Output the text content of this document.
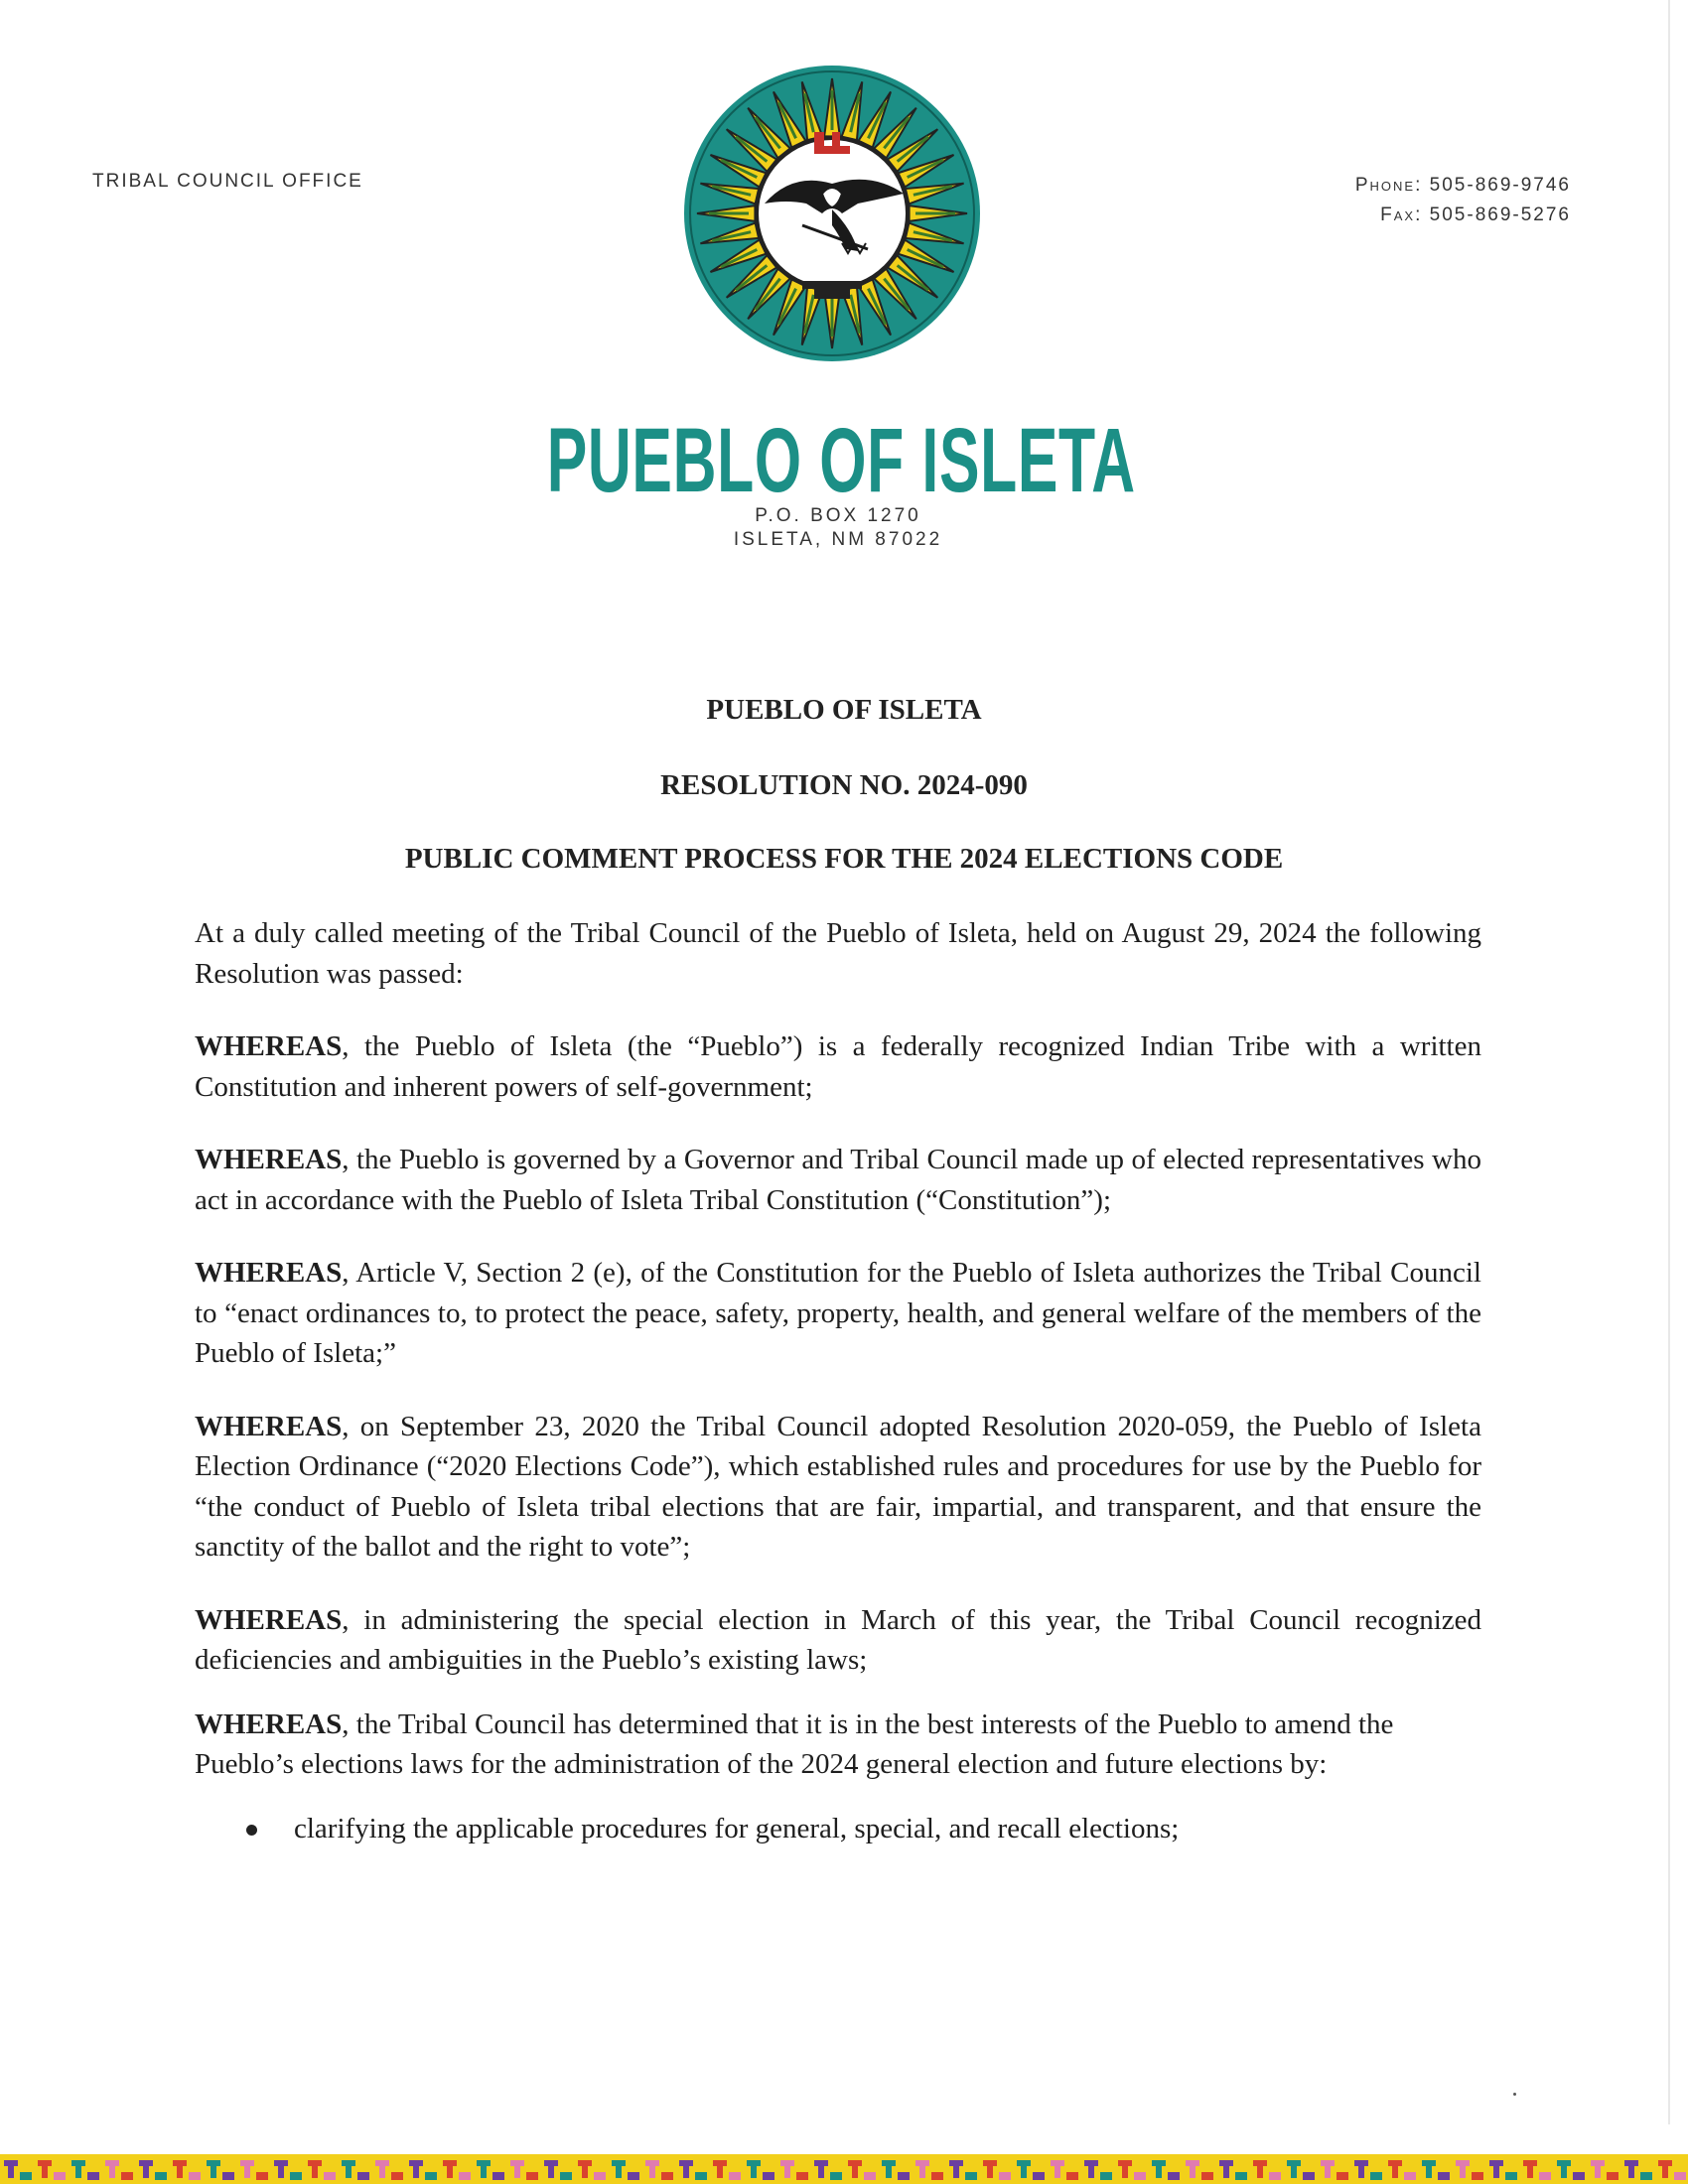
TRIBAL COUNCIL OFFICE	Phone: 505-869-9746
Fax: 505-869-5276
PUEBLO OF ISLETA
P.O. BOX 1270
ISLETA, NM 87022
PUEBLO OF ISLETA
RESOLUTION NO. 2024-090
PUBLIC COMMENT PROCESS FOR THE 2024 ELECTIONS CODE

At a duly called meeting of the Tribal Council of the Pueblo of Isleta, held on August 29, 2024 the following Resolution was passed:

WHEREAS, the Pueblo of Isleta (the “Pueblo”) is a federally recognized Indian Tribe with a written Constitution and inherent powers of self-government;

WHEREAS, the Pueblo is governed by a Governor and Tribal Council made up of elected representatives who act in accordance with the Pueblo of Isleta Tribal Constitution (“Constitution”);

WHEREAS, Article V, Section 2 (e), of the Constitution for the Pueblo of Isleta authorizes the Tribal Council to “enact ordinances to, to protect the peace, safety, property, health, and general welfare of the members of the Pueblo of Isleta;”

WHEREAS, on September 23, 2020 the Tribal Council adopted Resolution 2020-059, the Pueblo of Isleta Election Ordinance (“2020 Elections Code”), which established rules and procedures for use by the Pueblo for “the conduct of Pueblo of Isleta tribal elections that are fair, impartial, and transparent, and that ensure the sanctity of the ballot and the right to vote”;

WHEREAS, in administering the special election in March of this year, the Tribal Council recognized deficiencies and ambiguities in the Pueblo’s existing laws;

WHEREAS, the Tribal Council has determined that it is in the best interests of the Pueblo to amend the Pueblo’s elections laws for the administration of the 2024 general election and future elections by:

clarifying the applicable procedures for general, special, and recall elections;
